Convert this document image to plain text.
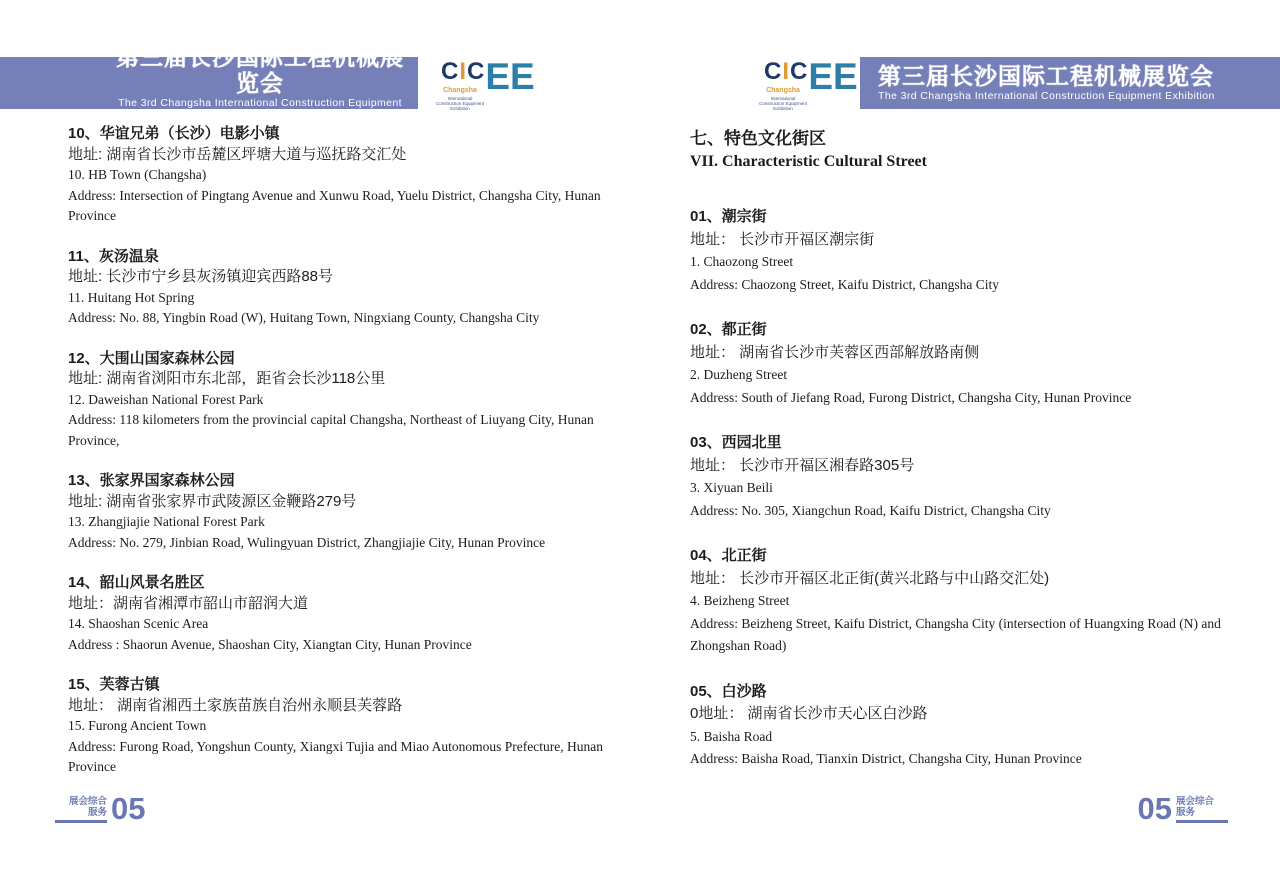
第三届长沙国际工程机械展览会
The 3rd Changsha International Construction Equipment Exhibition
C I C EE
Changsha
International Construction Equipment Exhibition
C I C EE
Changsha
International Construction Equipment Exhibition
第三届长沙国际工程机械展览会
The 3rd Changsha International Construction Equipment Exhibition
10、华谊兄弟（长沙）电影小镇
地址: 湖南省长沙市岳麓区坪塘大道与巡抚路交汇处
10. HB Town (Changsha)
Address: Intersection of Pingtang Avenue and Xunwu Road, Yuelu District, Changsha City, Hunan Province
11、灰汤温泉
地址: 长沙市宁乡县灰汤镇迎宾西路88号
11. Huitang Hot Spring
Address: No. 88, Yingbin Road (W), Huitang Town, Ningxiang County, Changsha City
12、大围山国家森林公园
地址: 湖南省浏阳市东北部，距省会长沙118公里
12. Daweishan National Forest Park
Address: 118 kilometers from the provincial capital Changsha, Northeast of Liuyang City, Hunan Province,
13、张家界国家森林公园
地址: 湖南省张家界市武陵源区金鞭路279号
13. Zhangjiajie National Forest Park
Address: No. 279, Jinbian Road, Wulingyuan District, Zhangjiajie City, Hunan Province
14、韶山风景名胜区
地址：湖南省湘潭市韶山市韶润大道
14. Shaoshan Scenic Area
Address : Shaorun Avenue, Shaoshan City, Xiangtan City, Hunan Province
15、芙蓉古镇
地址： 湖南省湘西土家族苗族自治州永顺县芙蓉路
15. Furong Ancient Town
Address: Furong Road, Yongshun County, Xiangxi Tujia and Miao Autonomous Prefecture, Hunan Province
七、特色文化街区
VII. Characteristic Cultural Street
01、潮宗街
地址： 长沙市开福区潮宗街
1. Chaozong Street
Address: Chaozong Street, Kaifu District, Changsha City
02、都正街
地址： 湖南省长沙市芙蓉区西部解放路南侧
2. Duzheng Street
Address: South of Jiefang Road, Furong District, Changsha City, Hunan Province
03、西园北里
地址： 长沙市开福区湘春路305号
3. Xiyuan Beili
Address: No. 305, Xiangchun Road, Kaifu District, Changsha City
04、北正街
地址： 长沙市开福区北正街(黄兴北路与中山路交汇处)
4. Beizheng Street
Address: Beizheng Street, Kaifu District, Changsha City (intersection of Huangxing Road (N) and Zhongshan Road)
05、白沙路
0地址： 湖南省长沙市天心区白沙路
5. Baisha Road
Address: Baisha Road, Tianxin District, Changsha City, Hunan Province
展会综合
服务 05	05 展会综合
服务
